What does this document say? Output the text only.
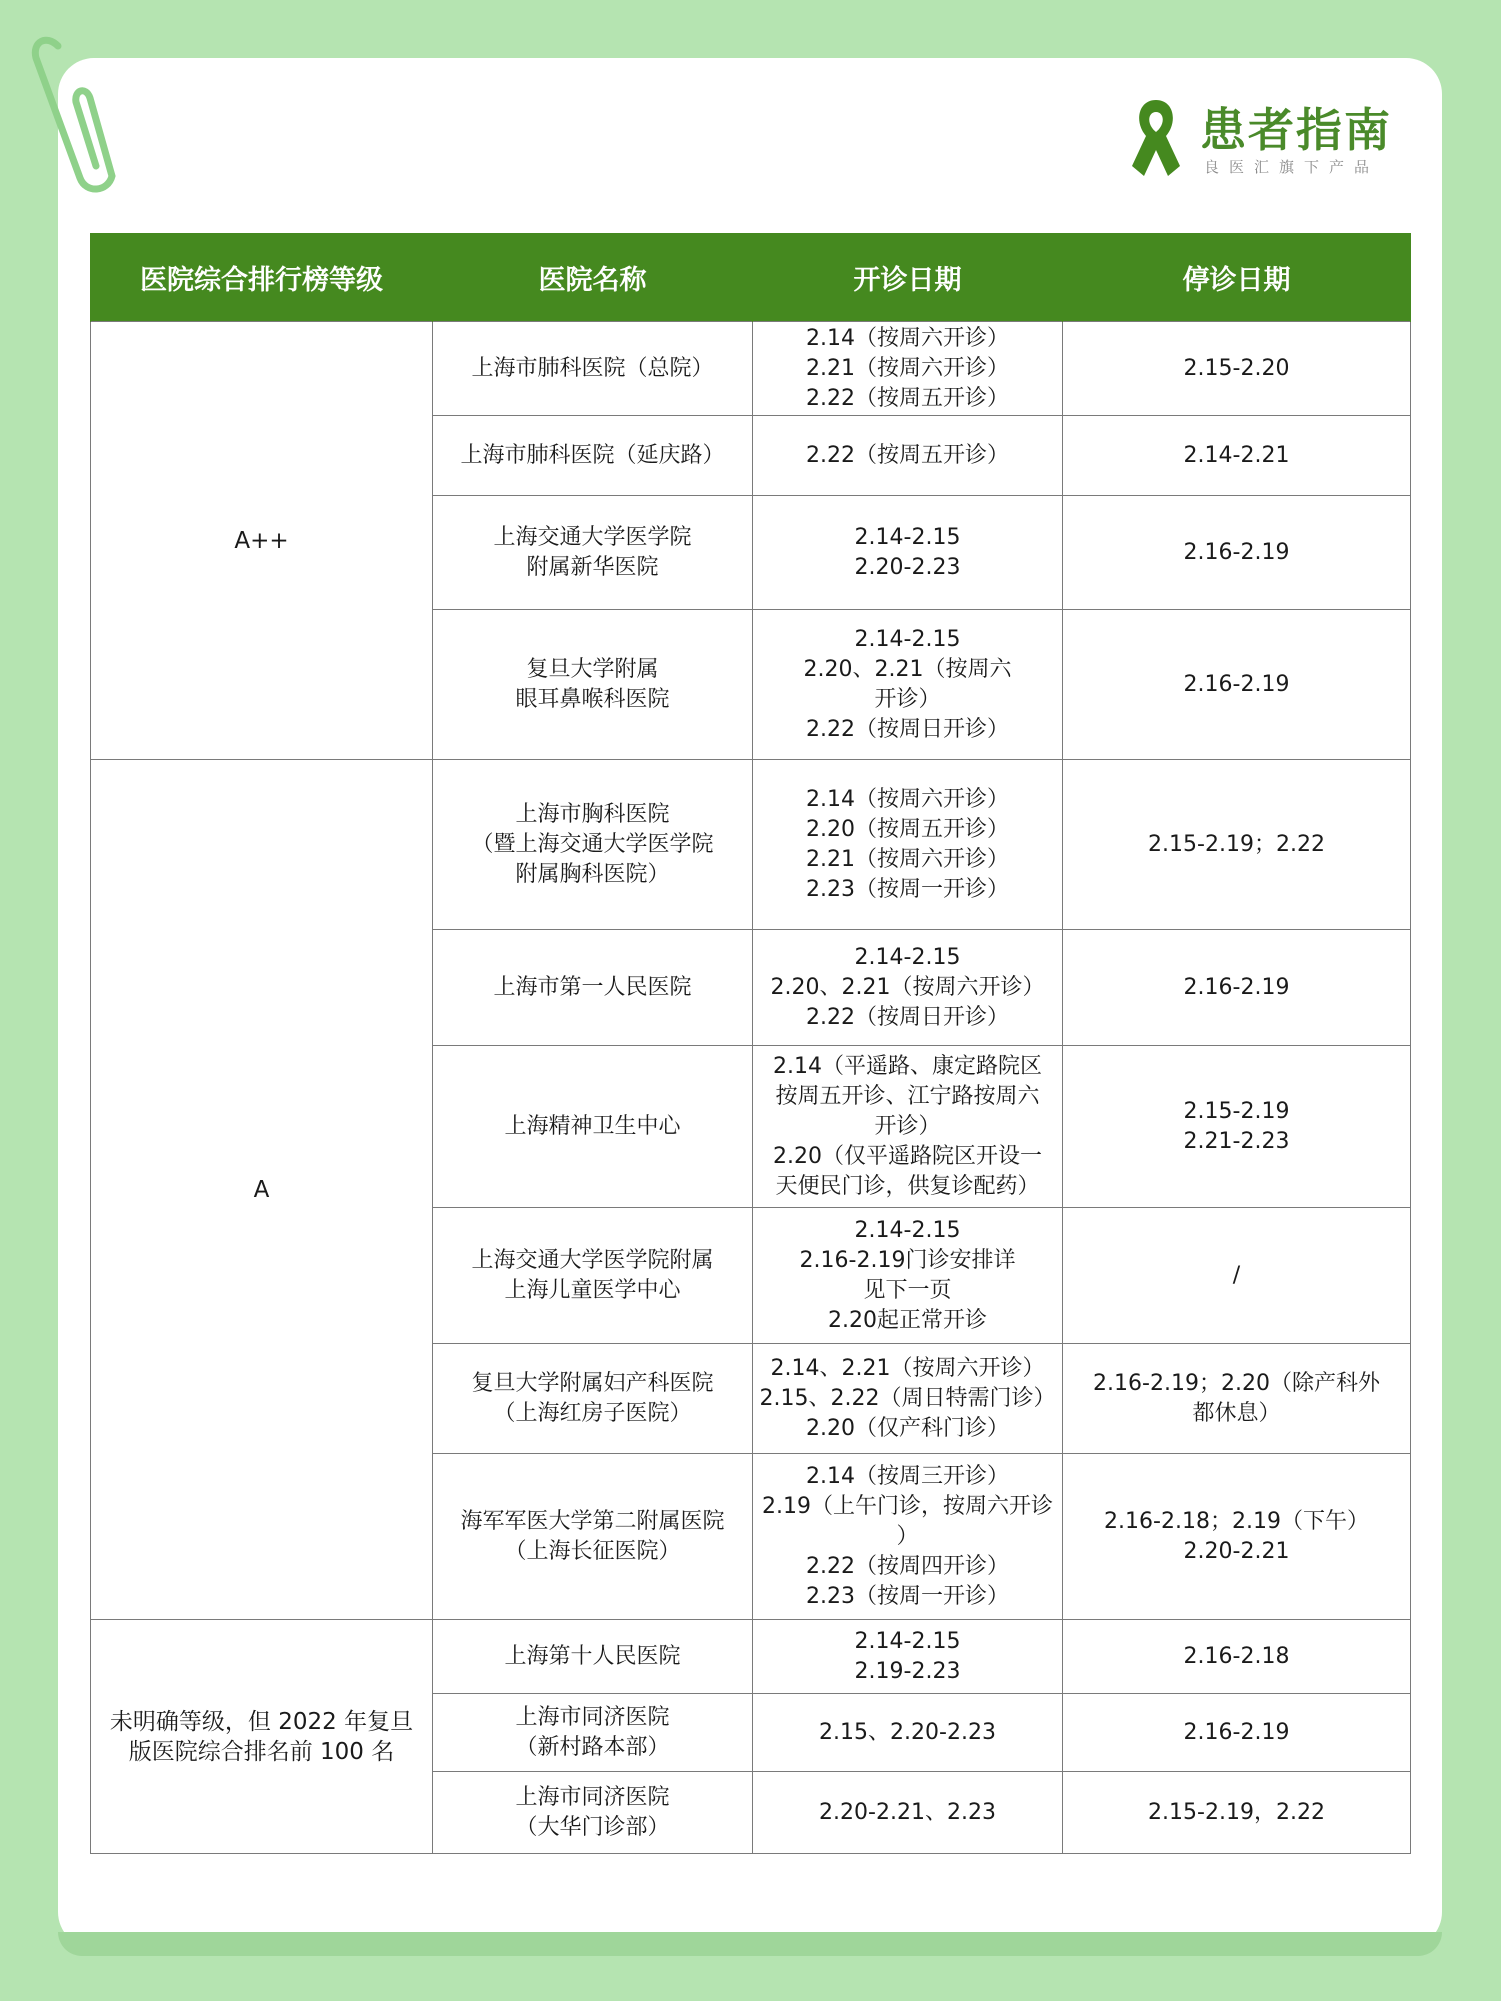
患者指南
良医汇旗下产品
医院综合排行榜等级	医院名称	开诊日期	停诊日期
A++	上海市肺科医院（总院）	2.14（按周六开诊）
2.21（按周六开诊）
2.22（按周五开诊）	2.15-2.20
	上海市肺科医院（延庆路）	2.22（按周五开诊）	2.14-2.21
	上海交通大学医学院
附属新华医院	2.14-2.15
2.20-2.23	2.16-2.19
	复旦大学附属
眼耳鼻喉科医院	2.14-2.15
2.20、2.21（按周六
开诊）
2.22（按周日开诊）	2.16-2.19
A	上海市胸科医院
（暨上海交通大学医学院
附属胸科医院）	2.14（按周六开诊）
2.20（按周五开诊）
2.21（按周六开诊）
2.23（按周一开诊）	2.15-2.19；2.22
	上海市第一人民医院	2.14-2.15
2.20、2.21（按周六开诊）
2.22（按周日开诊）	2.16-2.19
	上海精神卫生中心	2.14（平遥路、康定路院区
按周五开诊、江宁路按周六
开诊）
2.20（仅平遥路院区开设一
天便民门诊，供复诊配药）	2.15-2.19
2.21-2.23
	上海交通大学医学院附属
上海儿童医学中心	2.14-2.15
2.16-2.19门诊安排详
见下一页
2.20起正常开诊	/
	复旦大学附属妇产科医院
（上海红房子医院）	2.14、2.21（按周六开诊）
2.15、2.22（周日特需门诊）
2.20（仅产科门诊）	2.16-2.19；2.20（除产科外
都休息）
	海军军医大学第二附属医院
（上海长征医院）	2.14（按周三开诊）
2.19（上午门诊，按周六开诊
）
2.22（按周四开诊）
2.23（按周一开诊）	2.16-2.18；2.19（下午）
2.20-2.21
未明确等级，但 2022 年复旦
版医院综合排名前 100 名	上海第十人民医院	2.14-2.15
2.19-2.23	2.16-2.18
	上海市同济医院
（新村路本部）	2.15、2.20-2.23	2.16-2.19
	上海市同济医院
（大华门诊部）	2.20-2.21、2.23	2.15-2.19，2.22
